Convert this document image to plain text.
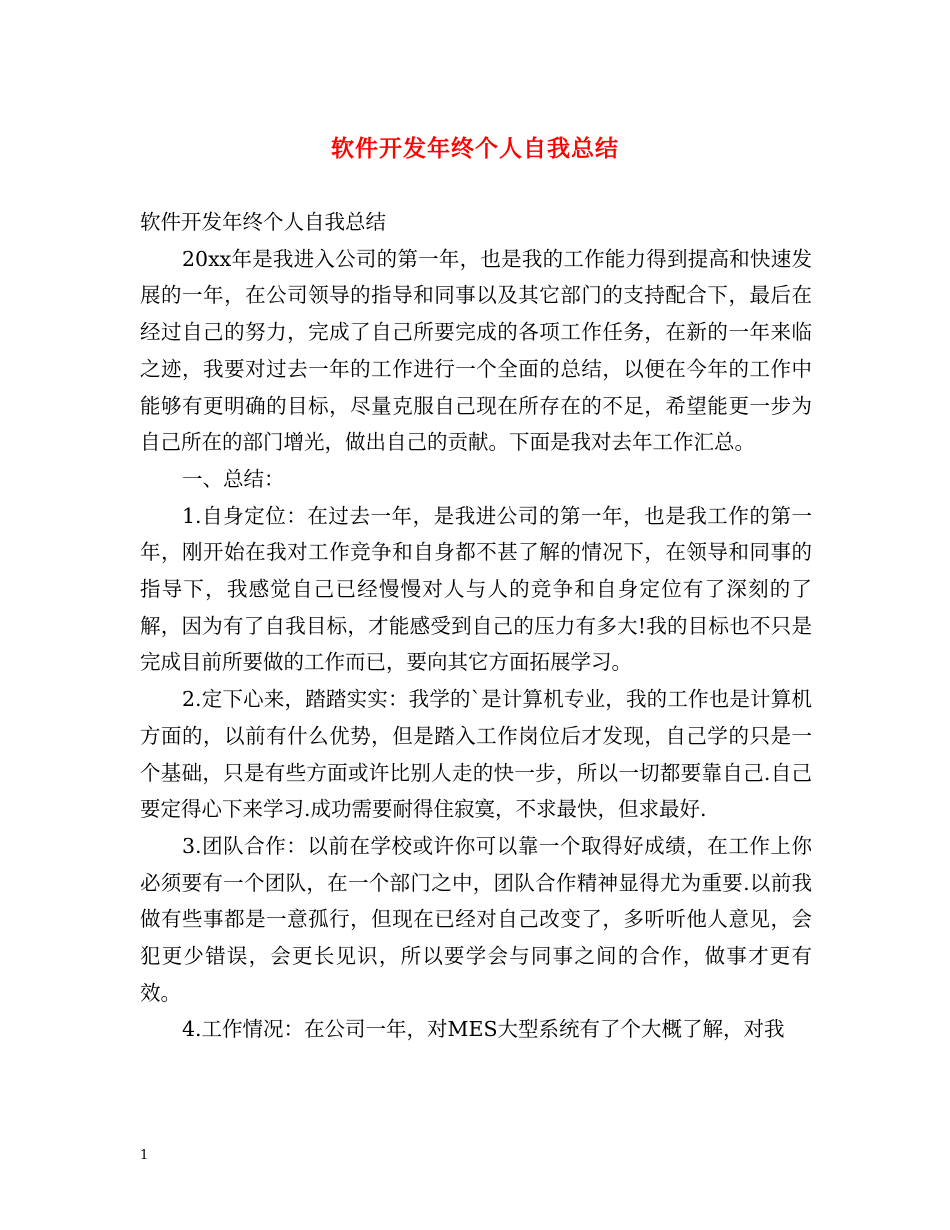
软件开发年终个人自我总结

软件开发年终个人自我总结

20xx年是我进入公司的第一年，也是我的工作能力得到提高和快速发展的一年，在公司领导的指导和同事以及其它部门的支持配合下，最后在经过自己的努力，完成了自己所要完成的各项工作任务，在新的一年来临之迹，我要对过去一年的工作进行一个全面的总结，以便在今年的工作中能够有更明确的目标，尽量克服自己现在所存在的不足，希望能更一步为自己所在的部门增光，做出自己的贡献。下面是我对去年工作汇总。

一、总结：

1.自身定位：在过去一年，是我进公司的第一年，也是我工作的第一年，刚开始在我对工作竞争和自身都不甚了解的情况下，在领导和同事的指导下，我感觉自己已经慢慢对人与人的竞争和自身定位有了深刻的了解，因为有了自我目标，才能感受到自己的压力有多大!我的目标也不只是完成目前所要做的工作而已，要向其它方面拓展学习。

2.定下心来，踏踏实实：我学的`是计算机专业，我的工作也是计算机方面的，以前有什么优势，但是踏入工作岗位后才发现，自己学的只是一个基础，只是有些方面或许比别人走的快一步，所以一切都要靠自己.自己要定得心下来学习.成功需要耐得住寂寞，不求最快，但求最好.

3.团队合作：以前在学校或许你可以靠一个取得好成绩，在工作上你必须要有一个团队，在一个部门之中，团队合作精神显得尤为重要.以前我做有些事都是一意孤行，但现在已经对自己改变了，多听听他人意见，会犯更少错误，会更长见识，所以要学会与同事之间的合作，做事才更有效。

4.工作情况：在公司一年，对MES大型系统有了个大概了解，对我

1
